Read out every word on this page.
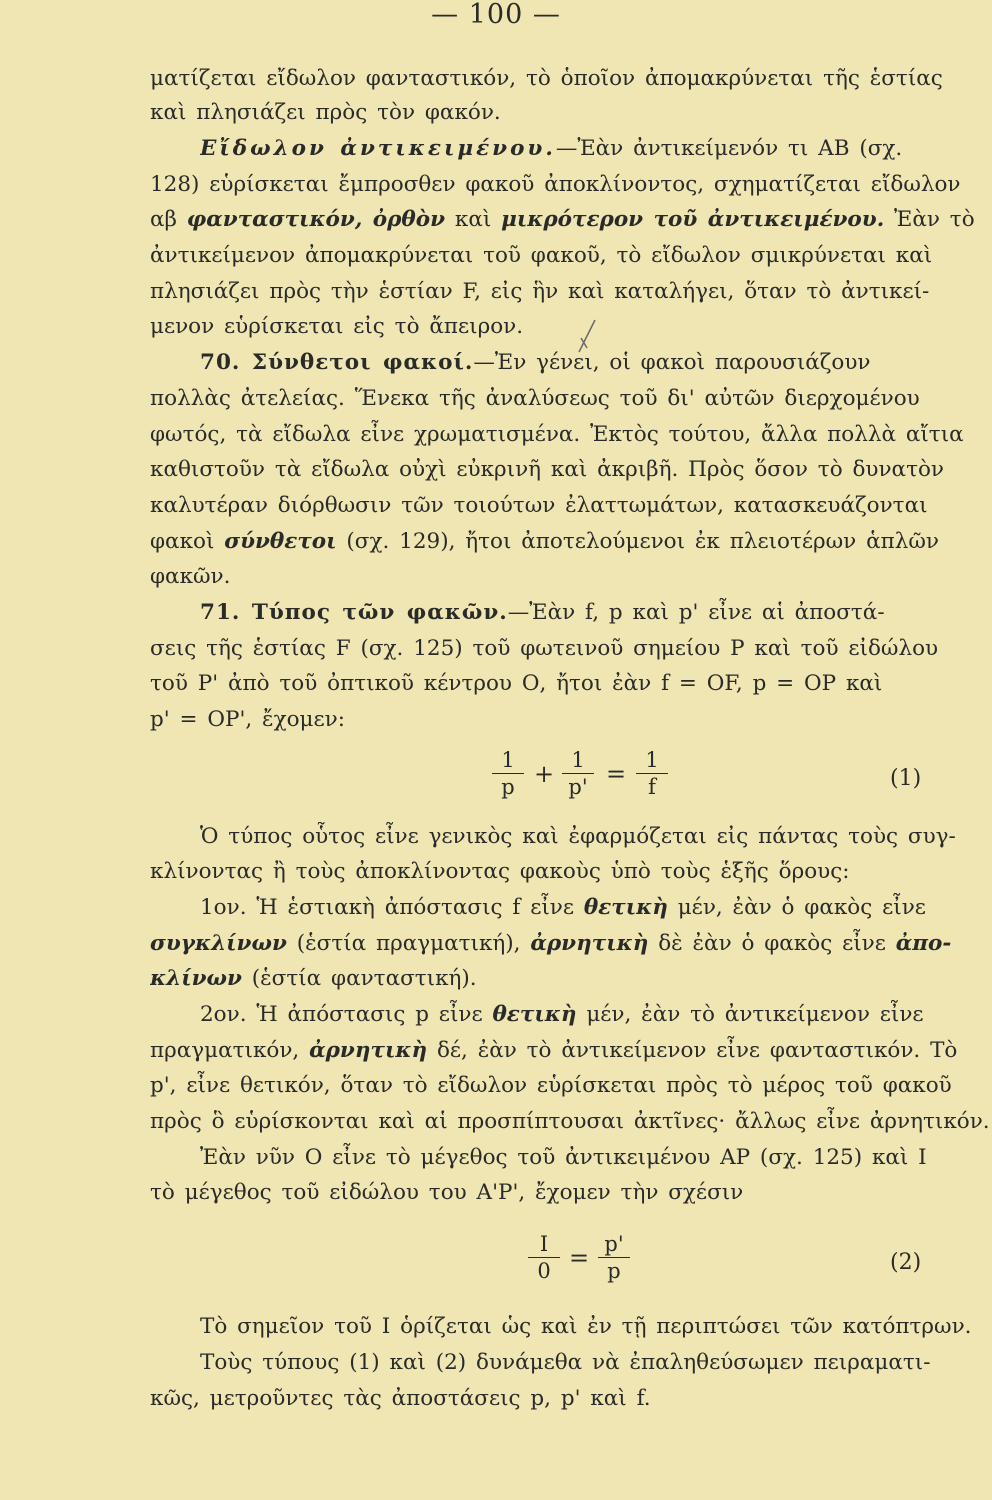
— 100 —
ματίζεται εἴδωλον φανταστικόν, τὸ ὁποῖον ἀπομακρύνεται τῆς ἑστίας
καὶ πλησιάζει πρὸς τὸν φακόν.
Εἴδωλον ἀντικειμένου.—Ἐὰν ἀντικείμενόν τι ΑΒ (σχ.
128) εὑρίσκεται ἔμπροσθεν φακοῦ ἀποκλίνοντος, σχηματίζεται εἴδωλον
αβ φανταστικόν, ὀρθὸν καὶ μικρότερον τοῦ ἀντικειμένου. Ἐὰν τὸ
ἀντικείμενον ἀπομακρύνεται τοῦ φακοῦ, τὸ εἴδωλον σμικρύνεται καὶ
πλησιάζει πρὸς τὴν ἑστίαν F, εἰς ἣν καὶ καταλήγει, ὅταν τὸ ἀντικεί-
μενον εὑρίσκεται εἰς τὸ ἄπειρον.
70. Σύνθετοι φακοί.—Ἐν γένει, οἱ φακοὶ παρουσιάζουν
πολλὰς ἀτελείας. Ἕνεκα τῆς ἀναλύσεως τοῦ δι' αὐτῶν διερχομένου
φωτός, τὰ εἴδωλα εἶνε χρωματισμένα. Ἐκτὸς τούτου, ἄλλα πολλὰ αἴτια
καθιστοῦν τὰ εἴδωλα οὐχὶ εὐκρινῆ καὶ ἀκριβῆ. Πρὸς ὅσον τὸ δυνατὸν
καλυτέραν διόρθωσιν τῶν τοιούτων ἐλαττωμάτων, κατασκευάζονται
φακοὶ σύνθετοι (σχ. 129), ἤτοι ἀποτελούμενοι ἐκ πλειοτέρων ἁπλῶν
φακῶν.
71. Τύπος τῶν φακῶν.—Ἐὰν f, p καὶ p' εἶνε αἱ ἀποστά-
σεις τῆς ἑστίας F (σχ. 125) τοῦ φωτεινοῦ σημείου P καὶ τοῦ εἰδώλου
τοῦ P' ἀπὸ τοῦ ὀπτικοῦ κέντρου Ο, ἤτοι ἐὰν f = OF, p = OP καὶ
p' = OP', ἔχομεν:
1
p + 1
p' = 1
f	(1)
Ὁ τύπος οὗτος εἶνε γενικὸς καὶ ἐφαρμόζεται εἰς πάντας τοὺς συγ-
κλίνοντας ἢ τοὺς ἀποκλίνοντας φακοὺς ὑπὸ τοὺς ἑξῆς ὅρους:
1ον. Ἡ ἑστιακὴ ἀπόστασις f εἶνε θετικὴ μέν, ἐὰν ὁ φακὸς εἶνε
συγκλίνων (ἑστία πραγματική), ἀρνητικὴ δὲ ἐὰν ὁ φακὸς εἶνε ἀπο-
κλίνων (ἑστία φανταστική).
2ον. Ἡ ἀπόστασις p εἶνε θετικὴ μέν, ἐὰν τὸ ἀντικείμενον εἶνε
πραγματικόν, ἀρνητικὴ δέ, ἐὰν τὸ ἀντικείμενον εἶνε φανταστικόν. Τὸ
p', εἶνε θετικόν, ὅταν τὸ εἴδωλον εὑρίσκεται πρὸς τὸ μέρος τοῦ φακοῦ
πρὸς ὃ εὑρίσκονται καὶ αἱ προσπίπτουσαι ἀκτῖνες· ἄλλως εἶνε ἀρνητικόν.
Ἐὰν νῦν Ο εἶνε τὸ μέγεθος τοῦ ἀντικειμένου AP (σχ. 125) καὶ Ι
τὸ μέγεθος τοῦ εἰδώλου του A'P', ἔχομεν τὴν σχέσιν
I
0 = p'
p	(2)
Τὸ σημεῖον τοῦ Ι ὁρίζεται ὡς καὶ ἐν τῇ περιπτώσει τῶν κατόπτρων.
Τοὺς τύπους (1) καὶ (2) δυνάμεθα νὰ ἐπαληθεύσωμεν πειραματι-
κῶς, μετροῦντες τὰς ἀποστάσεις p, p' καὶ f.
